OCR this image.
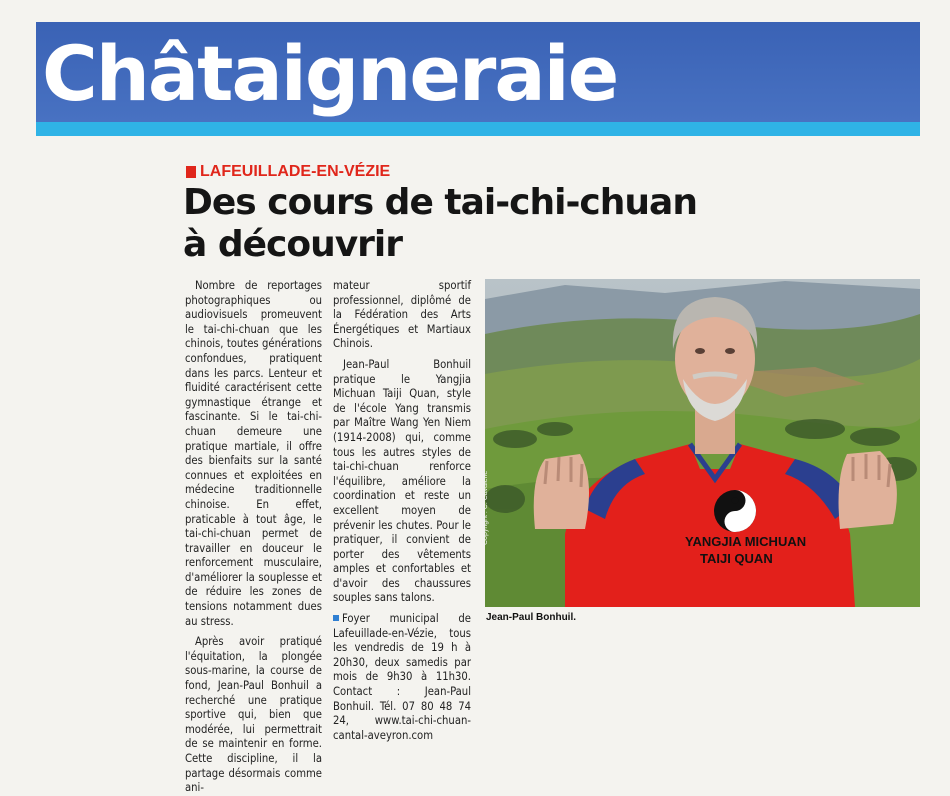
Châtaigneraie
LAFEUILLADE-EN-VÉZIE
Des cours de tai-chi-chuan
à découvrir

Nombre de reportages photographiques ou audiovisuels promeuvent le tai-chi-chuan que les chinois, toutes générations confondues, pratiquent dans les parcs. Lenteur et fluidité caractérisent cette gymnastique étrange et fascinante. Si le tai-chi-chuan demeure une pratique martiale, il offre des bienfaits sur la santé connues et exploitées en médecine traditionnelle chinoise. En effet, praticable à tout âge, le tai-chi-chuan permet de travailler en douceur le renforcement musculaire, d'améliorer la souplesse et de réduire les zones de tensions notamment dues au stress.

Après avoir pratiqué l'équitation, la plongée sous-marine, la course de fond, Jean-Paul Bonhuil a recherché une pratique sportive qui, bien que modérée, lui permettrait de se maintenir en forme. Cette discipline, il la partage désormais comme ani-

mateur sportif professionnel, diplômé de la Fédération des Arts Énergétiques et Martiaux Chinois.

Jean-Paul Bonhuil pratique le Yangjia Michuan Taiji Quan, style de l'école Yang transmis par Maître Wang Yen Niem (1914-2008) qui, comme tous les autres styles de tai-chi-chuan renforce l'équilibre, améliore la coordination et reste un excellent moyen de prévenir les chutes. Pour le pratiquer, il convient de porter des vêtements amples et confortables et d'avoir des chaussures souples sans talons.

Foyer municipal de Lafeuillade-en-Vézie, tous les vendredis de 19 h à 20h30, deux samedis par mois de 9h30 à 11h30. Contact : Jean-Paul Bonhuil. Tél. 07 80 48 74 24, www.tai-chi-chuan-cantal-aveyron.com

YANGJIA MICHUAN
TAIJI QUAN
Copyright : C. Cavalerie
Jean-Paul Bonhuil.
